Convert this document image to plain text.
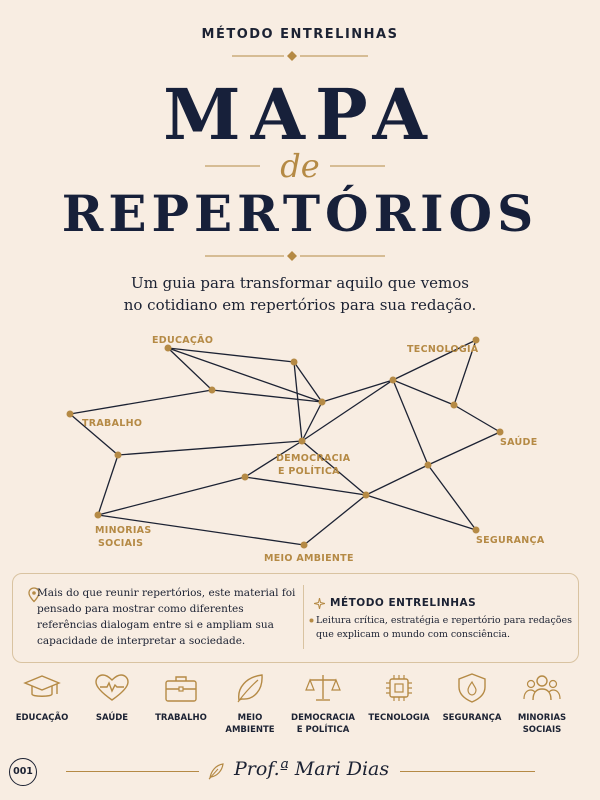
MÉTODO ENTRELINHAS
MAPA
de
REPERTÓRIOS
Um guia para transformar aquilo que vemos
no cotidiano em repertórios para sua redação.
EDUCAÇÃO
TECNOLOGIA
TRABALHO
SAÚDE
DEMOCRACIA
E POLÍTICA
MINORIAS
SOCIAIS	SEGURANÇA
MEIO AMBIENTE
Mais do que reunir repertórios, este material foi pensado para mostrar como diferentes referências dialogam entre si e ampliam sua capacidade de interpretar a sociedade.
MÉTODO ENTRELINHAS
Leitura crítica, estratégia e repertório para redações que explicam o mundo com consciência.
EDUCAÇÃO	SAÚDE	TRABALHO	MEIO
AMBIENTE
DEMOCRACIA
E POLÍTICA
TECNOLOGIA	SEGURANÇA	MINORIAS
SOCIAIS
001	Prof.ª Mari Dias
